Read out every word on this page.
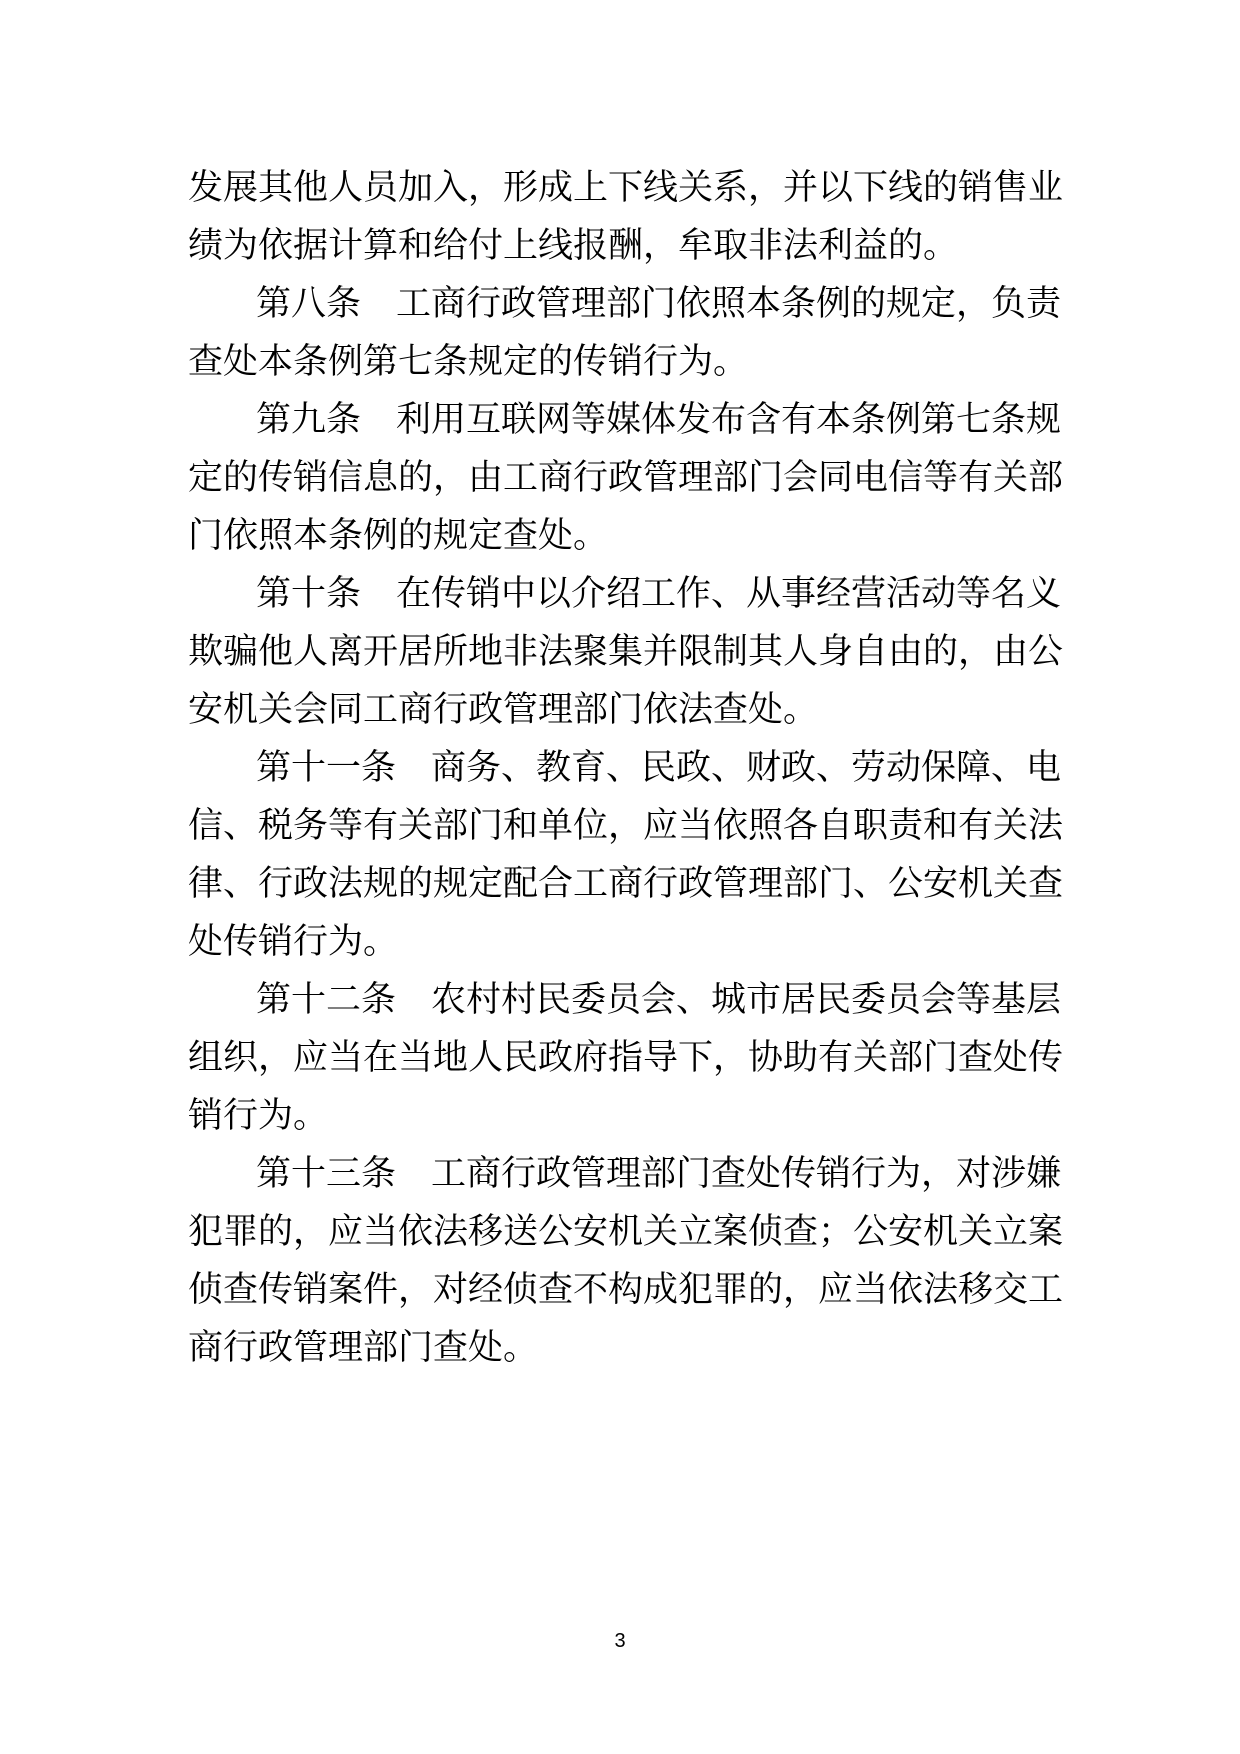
发展其他人员加入，形成上下线关系，并以下线的销售业
绩为依据计算和给付上线报酬，牟取非法利益的。
第八条　工商行政管理部门依照本条例的规定，负责
查处本条例第七条规定的传销行为。
第九条　利用互联网等媒体发布含有本条例第七条规
定的传销信息的，由工商行政管理部门会同电信等有关部
门依照本条例的规定查处。
第十条　在传销中以介绍工作、从事经营活动等名义
欺骗他人离开居所地非法聚集并限制其人身自由的，由公
安机关会同工商行政管理部门依法查处。
第十一条　商务、教育、民政、财政、劳动保障、电
信、税务等有关部门和单位，应当依照各自职责和有关法
律、行政法规的规定配合工商行政管理部门、公安机关查
处传销行为。
第十二条　农村村民委员会、城市居民委员会等基层
组织，应当在当地人民政府指导下，协助有关部门查处传
销行为。
第十三条　工商行政管理部门查处传销行为，对涉嫌
犯罪的，应当依法移送公安机关立案侦查；公安机关立案
侦查传销案件，对经侦查不构成犯罪的，应当依法移交工
商行政管理部门查处。
3
